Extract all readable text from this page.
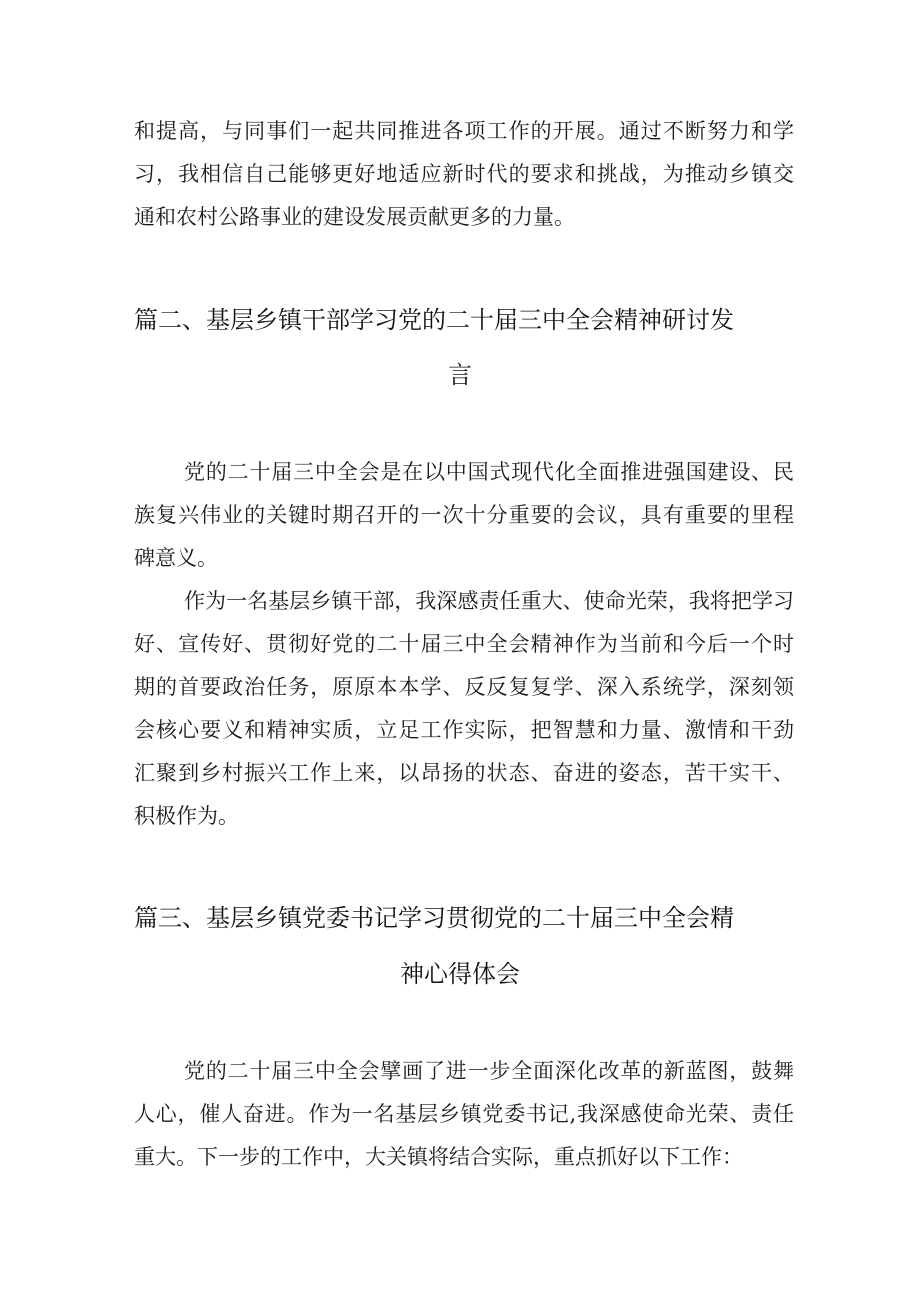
和提高，与同事们一起共同推进各项工作的开展。通过不断努力和学
习，我相信自己能够更好地适应新时代的要求和挑战，为推动乡镇交
通和农村公路事业的建设发展贡献更多的力量。
篇二、基层乡镇干部学习党的二十届三中全会精神研讨发
言
党的二十届三中全会是在以中国式现代化全面推进强国建设、民
族复兴伟业的关键时期召开的一次十分重要的会议，具有重要的里程
碑意义。
作为一名基层乡镇干部，我深感责任重大、使命光荣，我将把学习
好、宣传好、贯彻好党的二十届三中全会精神作为当前和今后一个时
期的首要政治任务，原原本本学、反反复复学、深入系统学，深刻领
会核心要义和精神实质，立足工作实际，把智慧和力量、激情和干劲
汇聚到乡村振兴工作上来，以昂扬的状态、奋进的姿态，苦干实干、
积极作为。
篇三、基层乡镇党委书记学习贯彻党的二十届三中全会精
神心得体会
党的二十届三中全会擘画了进一步全面深化改革的新蓝图，鼓舞
人心，催人奋进。作为一名基层乡镇党委书记,我深感使命光荣、责任
重大。下一步的工作中，大关镇将结合实际，重点抓好以下工作：
